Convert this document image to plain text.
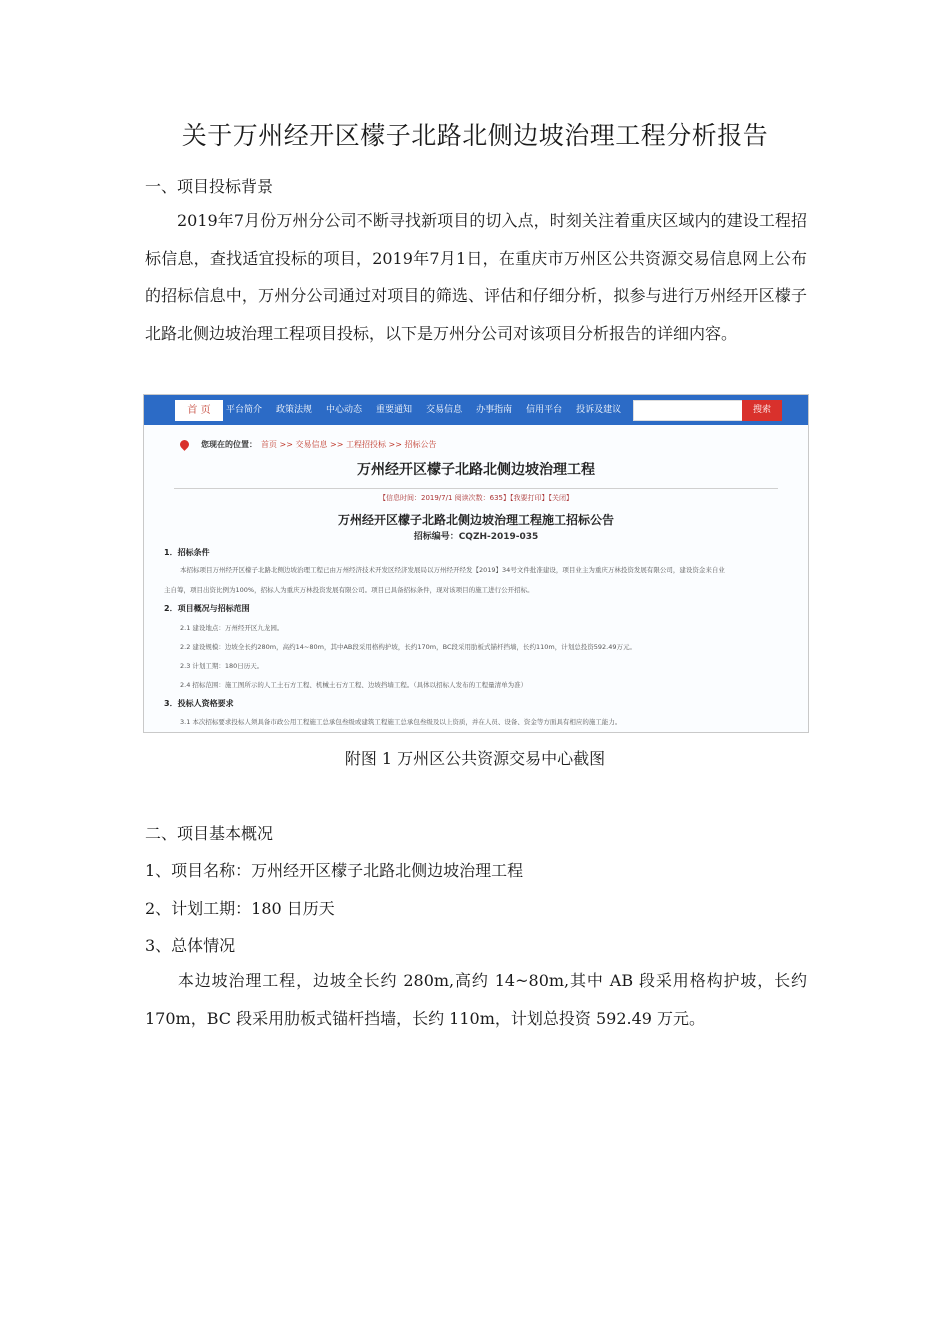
关于万州经开区檬子北路北侧边坡治理工程分析报告
一、项目投标背景
2019年7月份万州分公司不断寻找新项目的切入点，时刻关注着重庆区域内的建设工程招标信息，查找适宜投标的项目，2019年7月1日，在重庆市万州区公共资源交易信息网上公布的招标信息中，万州分公司通过对项目的筛选、评估和仔细分析，拟参与进行万州经开区檬子北路北侧边坡治理工程项目投标，以下是万州分公司对该项目分析报告的详细内容。
首 页	平台简介 政策法规 中心动态 重要通知 交易信息 办事指南 信用平台 投诉及建议	搜索
您现在的位置： 首页 >> 交易信息 >> 工程招投标 >> 招标公告
万州经开区檬子北路北侧边坡治理工程
【信息时间：2019/7/1 阅读次数：635】【我要打印】【关闭】
万州经开区檬子北路北侧边坡治理工程施工招标公告
招标编号：CQZH-2019-035
1．招标条件
本招标项目万州经开区檬子北路北侧边坡治理工程已由万州经济技术开发区经济发展局以万州经开经发【2019】34号文件批准建设，项目业主为重庆万林投资发展有限公司，建设资金来自业
主自筹，项目出资比例为100%，招标人为重庆万林投资发展有限公司。项目已具备招标条件，现对该项目的施工进行公开招标。
2．项目概况与招标范围
2.1 建设地点：万州经开区九龙园。
2.2 建设规模：边坡全长约280m，高约14~80m，其中AB段采用格构护坡，长约170m，BC段采用肋板式锚杆挡墙，长约110m，计划总投资592.49万元。
2.3 计划工期：180日历天。
2.4 招标范围：施工图所示的人工土石方工程、机械土石方工程、边坡挡墙工程。（具体以招标人发布的工程量清单为准）
3．投标人资格要求
3.1 本次招标要求投标人须具备市政公用工程施工总承包叁级或建筑工程施工总承包叁级及以上资质，并在人员、设备、资金等方面具有相应的施工能力。
附图 1 万州区公共资源交易中心截图
二、项目基本概况
1、项目名称：万州经开区檬子北路北侧边坡治理工程
2、计划工期：180 日历天
3、总体情况
本边坡治理工程，边坡全长约 280m,高约 14~80m,其中 AB 段采用格构护坡，长约 170m，BC 段采用肋板式锚杆挡墙，长约 110m，计划总投资 592.49 万元。
